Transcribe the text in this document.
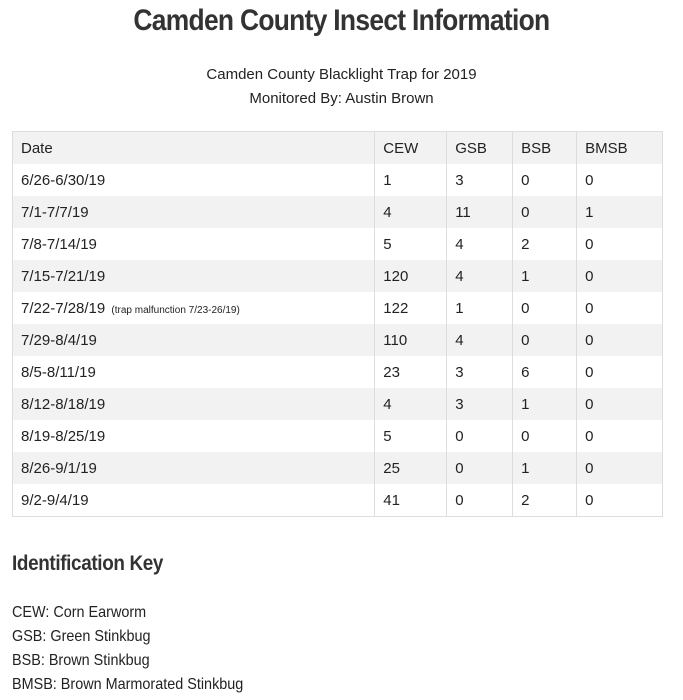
Camden County Insect Information
Camden County Blacklight Trap for 2019
Monitored By: Austin Brown
Date	CEW	GSB	BSB	BMSB
6/26-6/30/19	1	3	0	0
7/1-7/7/19	4	11	0	1
7/8-7/14/19	5	4	2	0
7/15-7/21/19	120	4	1	0
7/22-7/28/19 (trap malfunction 7/23-26/19)	122	1	0	0
7/29-8/4/19	110	4	0	0
8/5-8/11/19	23	3	6	0
8/12-8/18/19	4	3	1	0
8/19-8/25/19	5	0	0	0
8/26-9/1/19	25	0	1	0
9/2-9/4/19	41	0	2	0
Identification Key
CEW: Corn Earworm
GSB: Green Stinkbug
BSB: Brown Stinkbug
BMSB: Brown Marmorated Stinkbug
